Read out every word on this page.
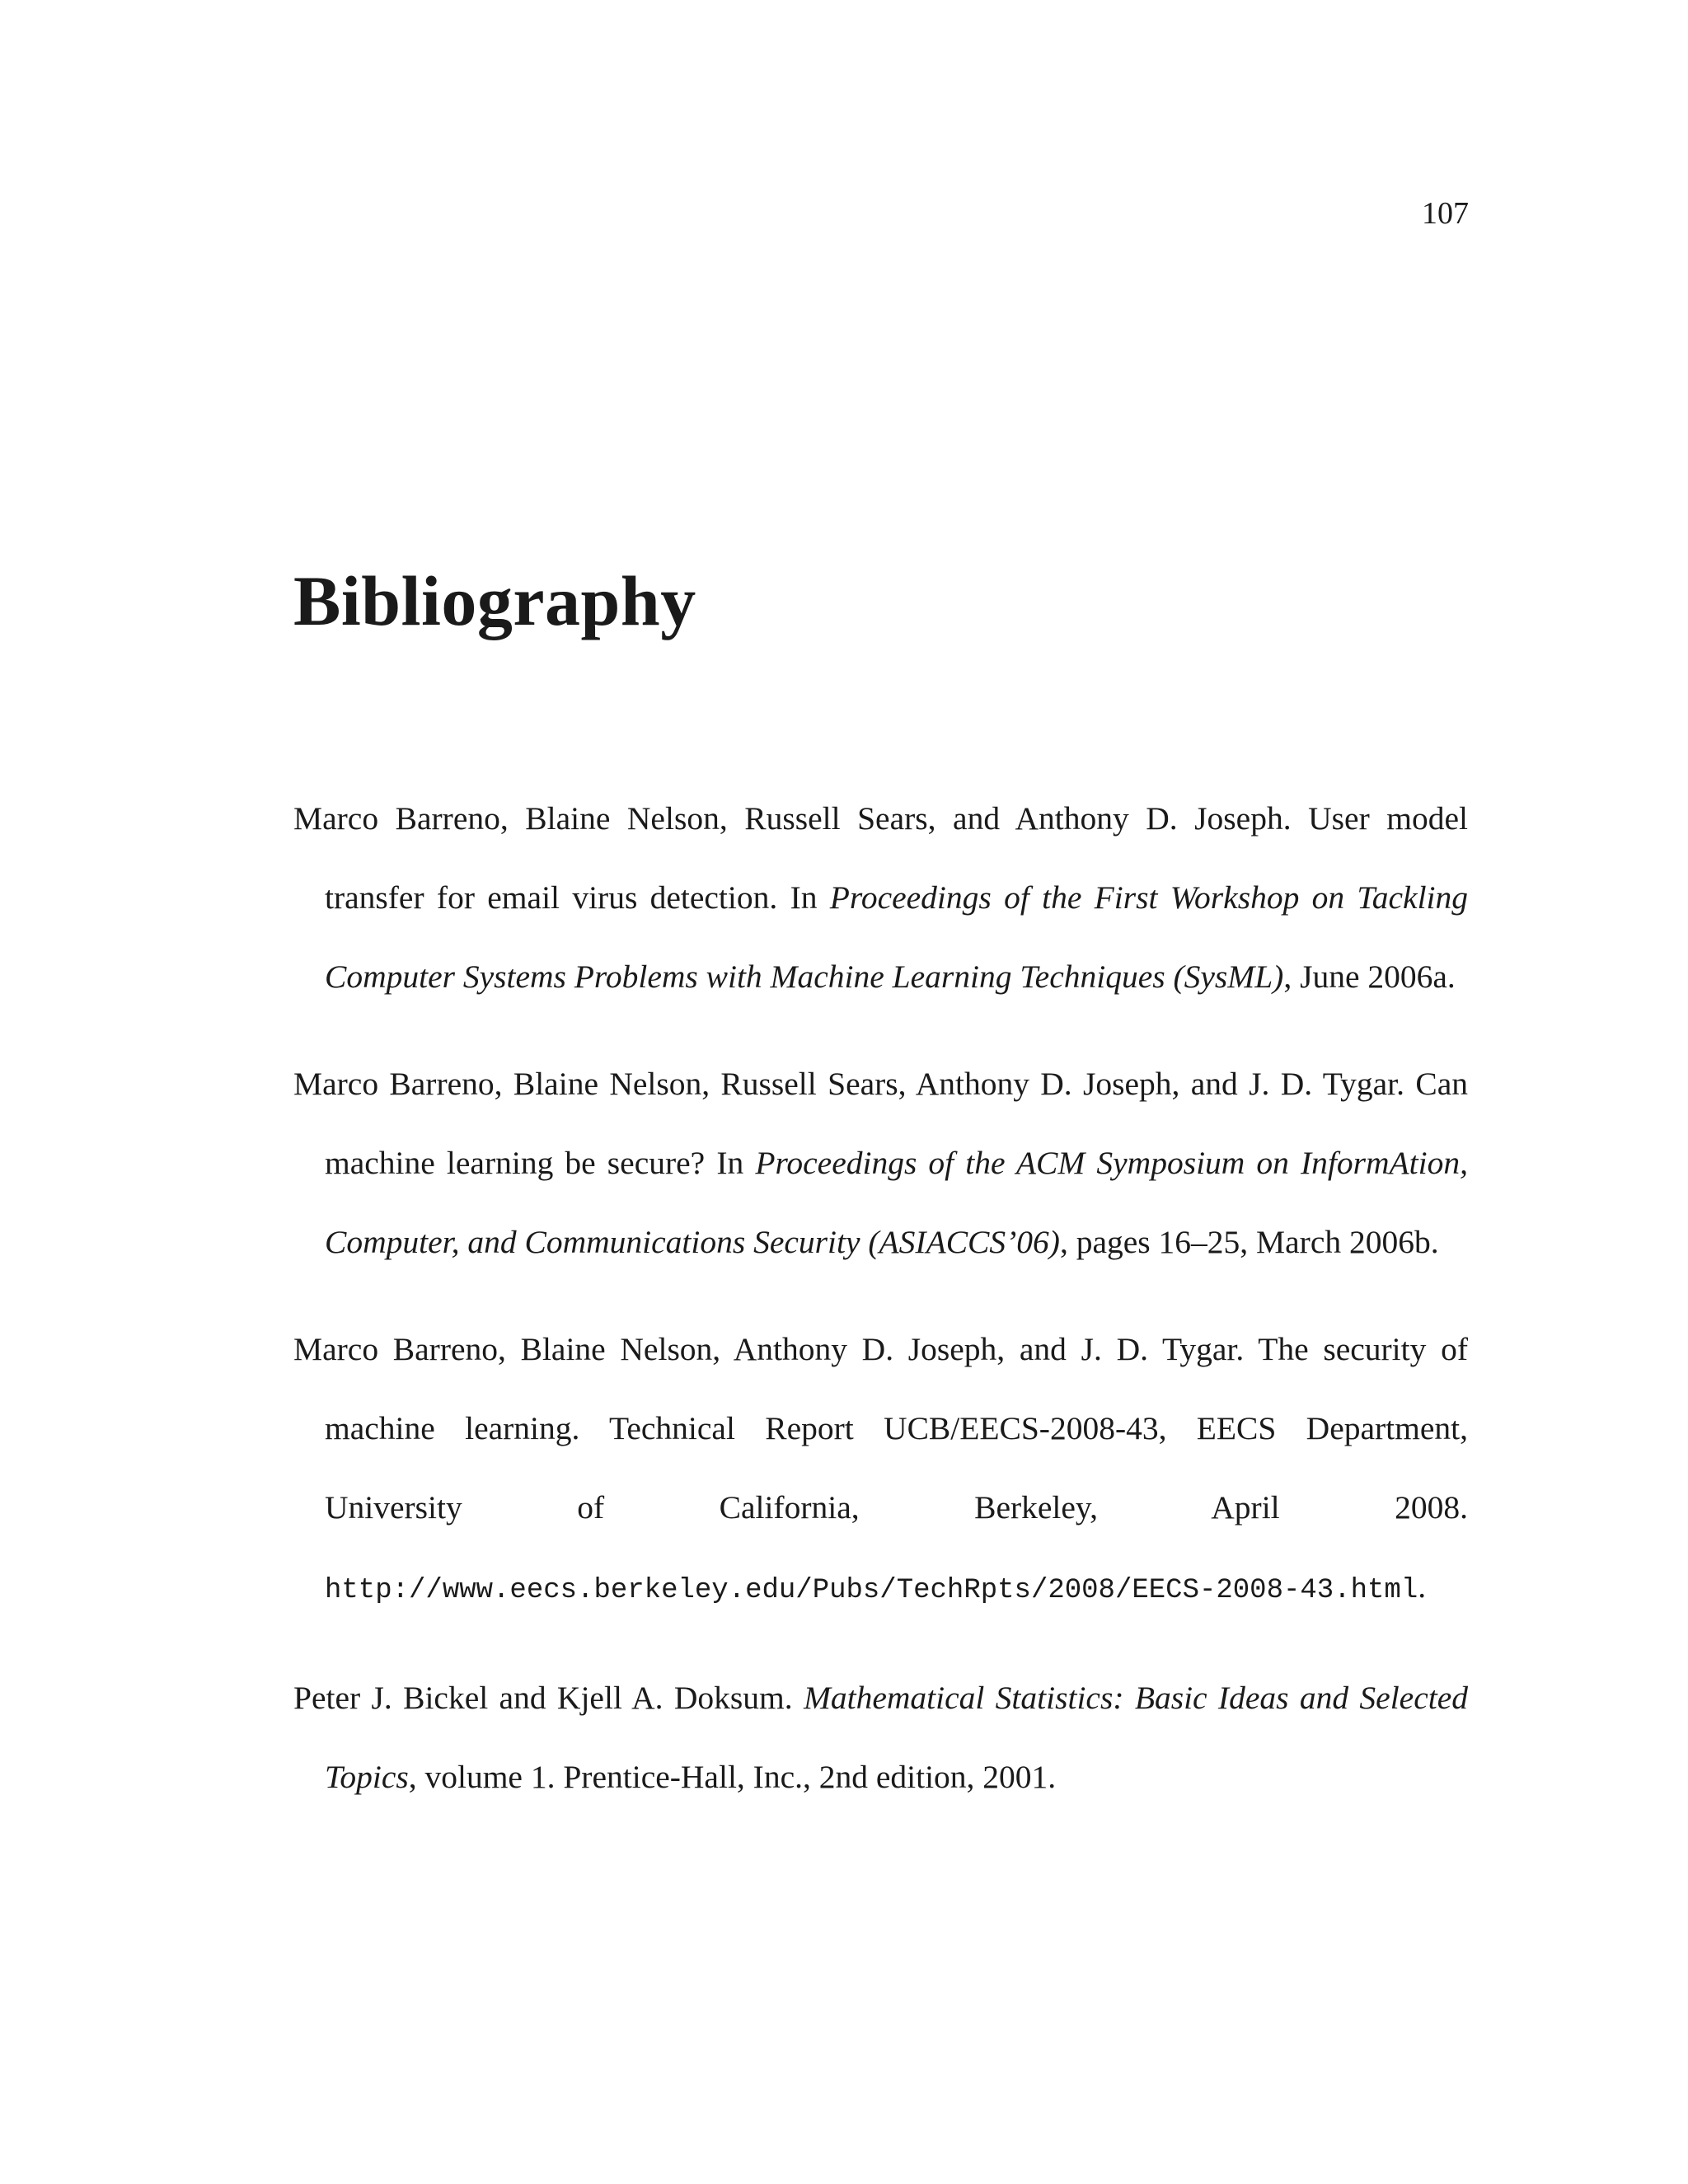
107
Bibliography

Marco Barreno, Blaine Nelson, Russell Sears, and Anthony D. Joseph. User model transfer for email virus detection. In Proceedings of the First Workshop on Tackling Computer Systems Problems with Machine Learning Techniques (SysML), June 2006a.

Marco Barreno, Blaine Nelson, Russell Sears, Anthony D. Joseph, and J. D. Tygar. Can machine learning be secure? In Proceedings of the ACM Symposium on InformAtion, Computer, and Communications Security (ASIACCS’06), pages 16–25, March 2006b.

Marco Barreno, Blaine Nelson, Anthony D. Joseph, and J. D. Tygar. The security of machine learning. Technical Report UCB/EECS-2008-43, EECS Department, University of California, Berkeley, April 2008. http://www.eecs.berkeley.edu/Pubs/TechRpts/2008/EECS-2008-43.html.

Peter J. Bickel and Kjell A. Doksum. Mathematical Statistics: Basic Ideas and Selected Topics, volume 1. Prentice-Hall, Inc., 2nd edition, 2001.
